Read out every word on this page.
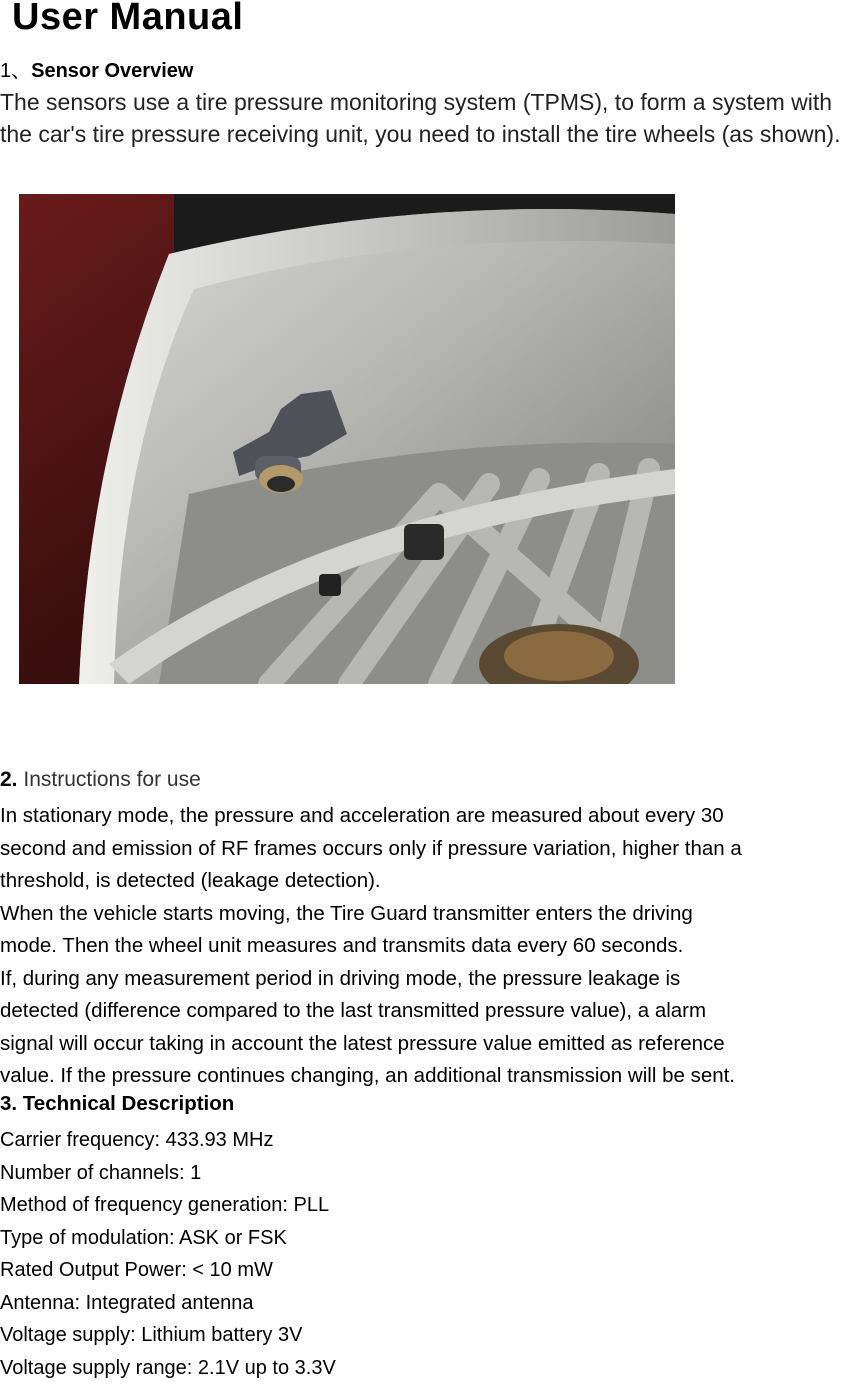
User Manual
1、Sensor Overview
The sensors use a tire pressure monitoring system (TPMS), to form a system with the car's tire pressure receiving unit, you need to install the tire wheels (as shown).
2. Instructions for use
In stationary mode, the pressure and acceleration are measured about every 30
second and emission of RF frames occurs only if pressure variation, higher than a
threshold, is detected (leakage detection).
When the vehicle starts moving, the Tire Guard transmitter enters the driving
mode. Then the wheel unit measures and transmits data every 60 seconds.
If, during any measurement period in driving mode, the pressure leakage is
detected (difference compared to the last transmitted pressure value), a alarm
signal will occur taking in account the latest pressure value emitted as reference
value. If the pressure continues changing, an additional transmission will be sent.
3. Technical Description
Carrier frequency: 433.93 MHz
Number of channels: 1
Method of frequency generation: PLL
Type of modulation: ASK or FSK
Rated Output Power: < 10 mW
Antenna: Integrated antenna
Voltage supply: Lithium battery 3V
Voltage supply range: 2.1V up to 3.3V
